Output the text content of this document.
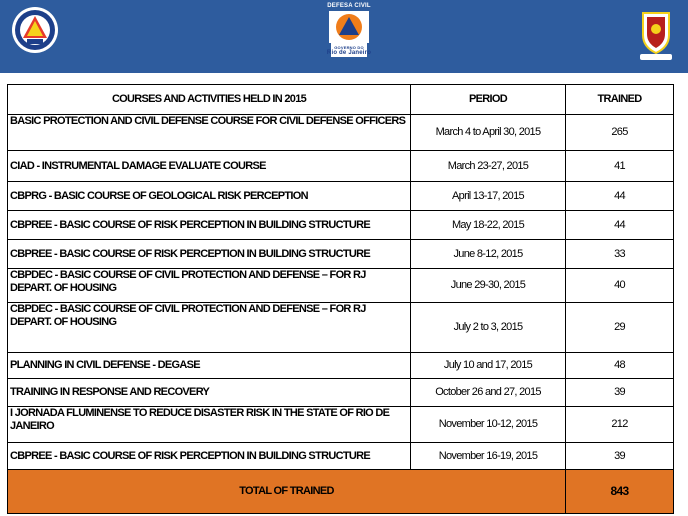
DEFESA CIVIL
GOVERNO DO
Rio de Janeiro
COURSES AND ACTIVITIES HELD IN 2015	PERIOD	TRAINED
BASIC PROTECTION AND CIVIL DEFENSE COURSE FOR CIVIL DEFENSE OFFICERS	March 4 to April 30, 2015	265
CIAD - INSTRUMENTAL DAMAGE EVALUATE COURSE	March 23-27, 2015	41
CBPRG - BASIC COURSE OF GEOLOGICAL RISK PERCEPTION	April 13-17, 2015	44
CBPREE - BASIC COURSE OF RISK PERCEPTION IN BUILDING STRUCTURE	May 18-22, 2015	44
CBPREE - BASIC COURSE OF RISK PERCEPTION IN BUILDING STRUCTURE	June 8-12, 2015	33
CBPDEC - BASIC COURSE OF CIVIL PROTECTION AND DEFENSE – FOR RJ DEPART. OF HOUSING	June 29-30, 2015	40
CBPDEC - BASIC COURSE OF CIVIL PROTECTION AND DEFENSE – FOR RJ DEPART. OF HOUSING	July 2 to 3, 2015	29
PLANNING IN CIVIL DEFENSE - DEGASE	July 10 and 17, 2015	48
TRAINING IN RESPONSE AND RECOVERY	October 26 and 27, 2015	39
I JORNADA FLUMINENSE TO REDUCE DISASTER RISK IN THE STATE OF RIO DE JANEIRO	November 10-12, 2015	212
CBPREE - BASIC COURSE OF RISK PERCEPTION IN BUILDING STRUCTURE	November 16-19, 2015	39
TOTAL OF TRAINED		843
